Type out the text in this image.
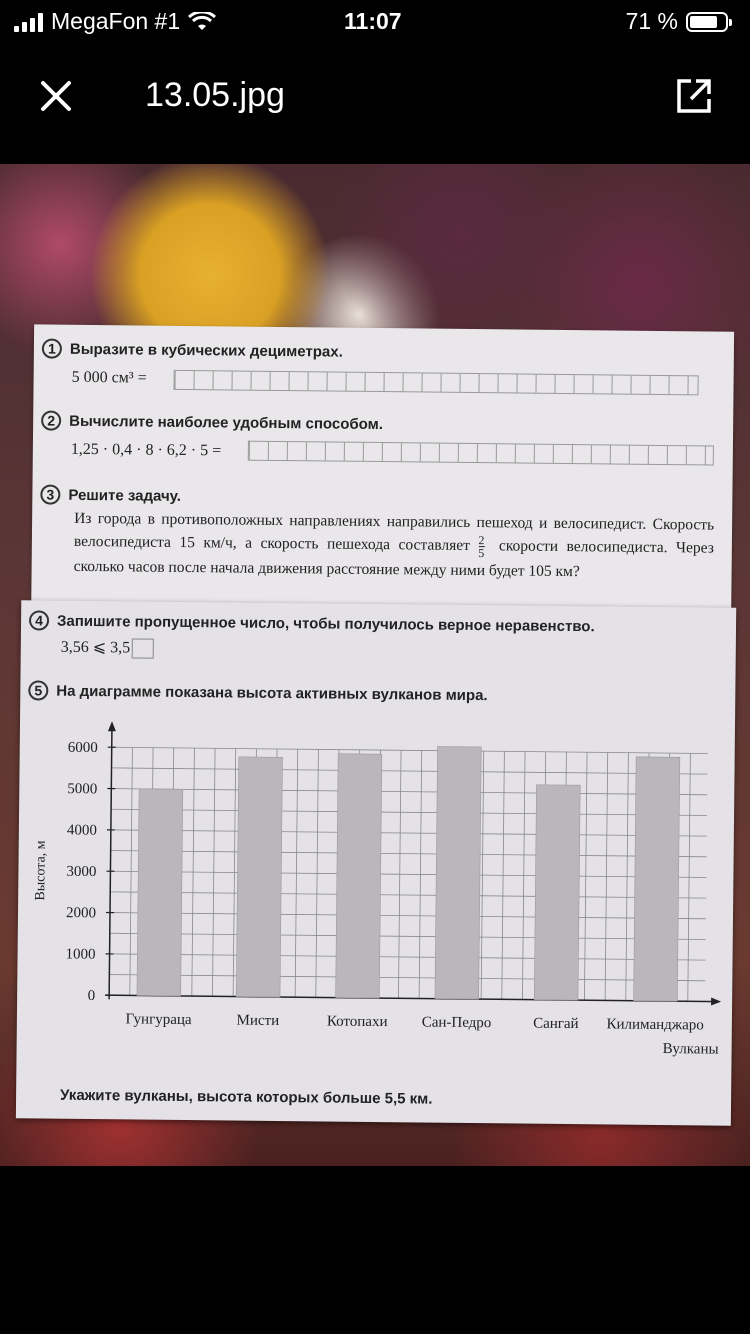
MegaFon #1	11:07	71 %
13.05.jpg
1 Выразите в кубических дециметрах.
5 000 см³ =
2 Вычислите наиболее удобным способом.
1,25 · 0,4 · 8 · 6,2 · 5 =
3 Решите задачу.
Из города в противоположных направлениях направились пешеход и велосипедист. Скорость велосипедиста 15 км/ч, а скорость пешехода составляет $\frac{2}{5}$ скорости велосипедиста. Через сколько часов после начала движения расстояние между ними будет 105 км?
4 Запишите пропущенное число, чтобы получилось верное неравенство.
3,56 ⩽ 3,5
5 На диаграмме показана высота активных вулканов мира.
0
1000
2000
3000
4000
5000
6000
Высота, м
Гунгураца	Мисти	Котопахи Сан-Педро	Сангай Килиманджаро
Вулканы
Укажите вулканы, высота которых больше 5,5 км.
